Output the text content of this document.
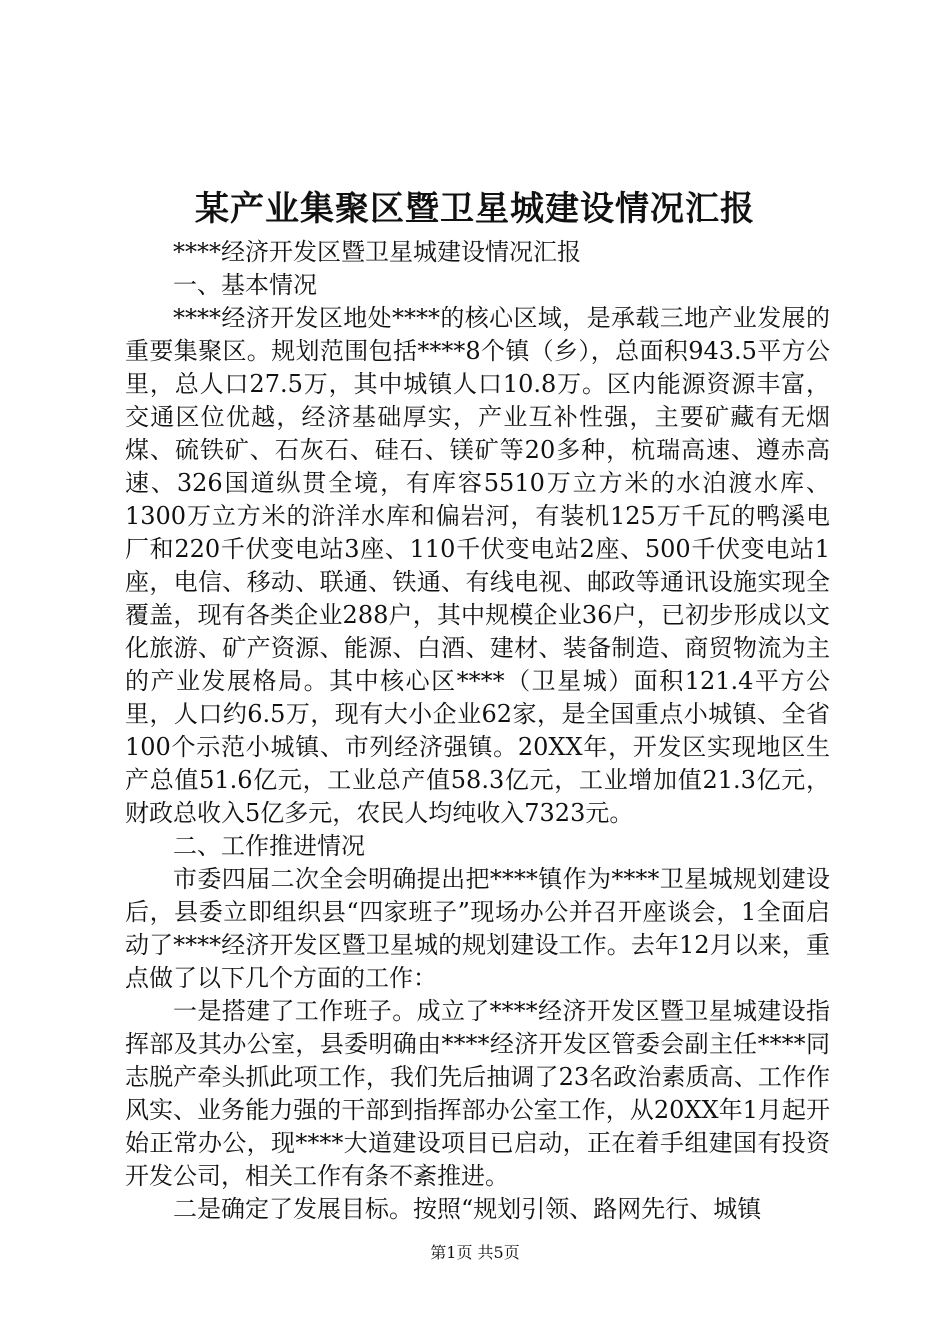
某产业集聚区暨卫星城建设情况汇报

****经济开发区暨卫星城建设情况汇报

一、基本情况

****经济开发区地处****的核心区域，是承载三地产业发展的重要集聚区。规划范围包括****8个镇（乡），总面积943.5平方公里，总人口27.5万，其中城镇人口10.8万。区内能源资源丰富，交通区位优越，经济基础厚实，产业互补性强，主要矿藏有无烟煤、硫铁矿、石灰石、硅石、镁矿等20多种，杭瑞高速、遵赤高速、326国道纵贯全境，有库容5510万立方米的水泊渡水库、1300万立方米的浒洋水库和偏岩河，有装机125万千瓦的鸭溪电厂和220千伏变电站3座、110千伏变电站2座、500千伏变电站1座，电信、移动、联通、铁通、有线电视、邮政等通讯设施实现全覆盖，现有各类企业288户，其中规模企业36户，已初步形成以文化旅游、矿产资源、能源、白酒、建材、装备制造、商贸物流为主的产业发展格局。其中核心区****（卫星城）面积121.4平方公里，人口约6.5万，现有大小企业62家，是全国重点小城镇、全省100个示范小城镇、市列经济强镇。20XX年，开发区实现地区生产总值51.6亿元，工业总产值58.3亿元，工业增加值21.3亿元，财政总收入5亿多元，农民人均纯收入7323元。

二、工作推进情况

市委四届二次全会明确提出把****镇作为****卫星城规划建设后，县委立即组织县“四家班子”现场办公并召开座谈会，1全面启动了****经济开发区暨卫星城的规划建设工作。去年12月以来，重点做了以下几个方面的工作：

一是搭建了工作班子。成立了****经济开发区暨卫星城建设指挥部及其办公室，县委明确由****经济开发区管委会副主任****同志脱产牵头抓此项工作，我们先后抽调了23名政治素质高、工作作风实、业务能力强的干部到指挥部办公室工作，从20XX年1月起开始正常办公，现****大道建设项目已启动，正在着手组建国有投资开发公司，相关工作有条不紊推进。

二是确定了发展目标。按照“规划引领、路网先行、城镇

第1页 共5页
